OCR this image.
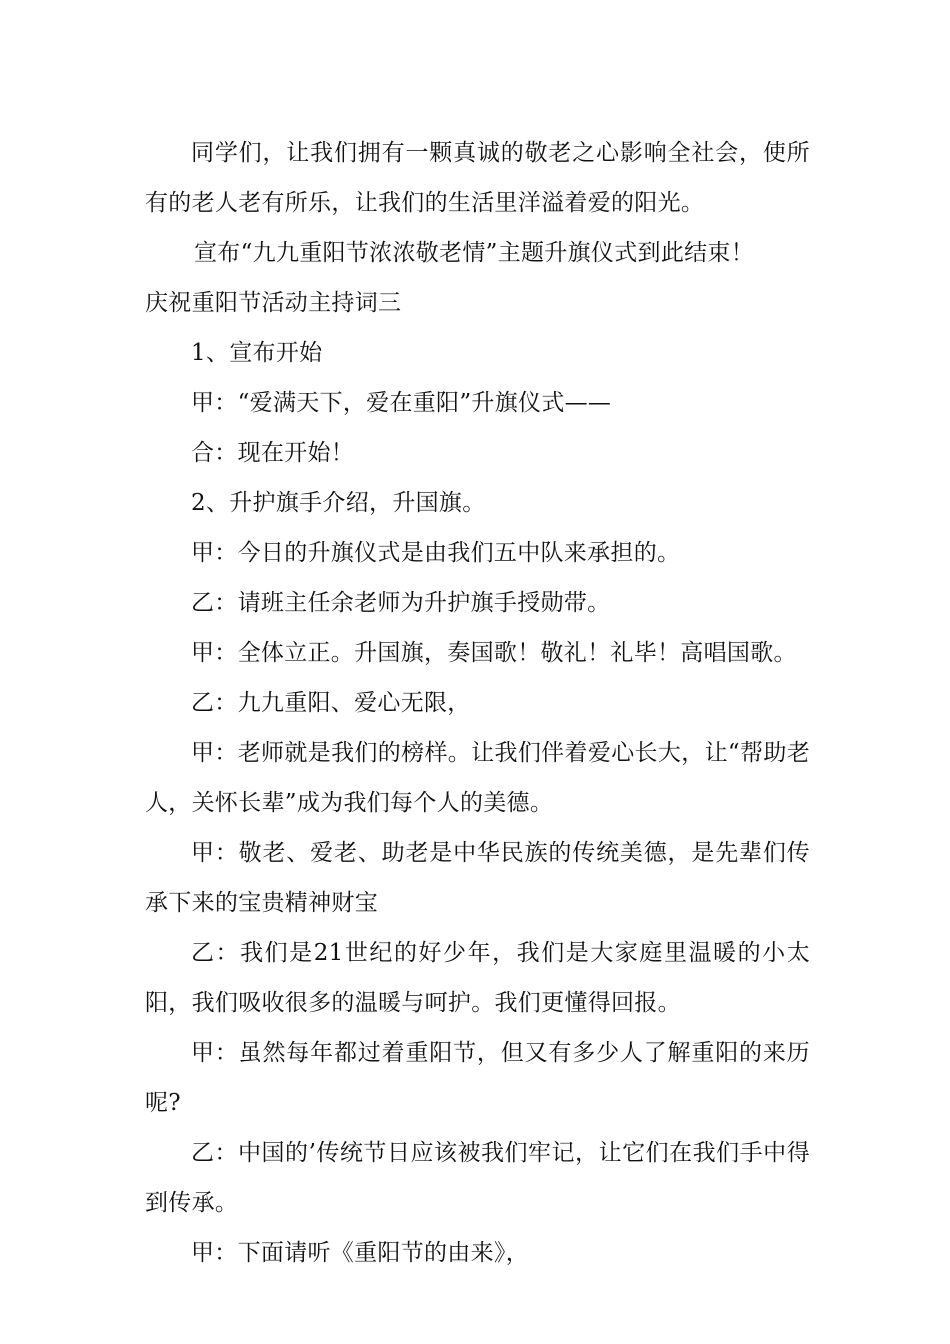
同学们，让我们拥有一颗真诚的敬老之心影响全社会，使所有的老人老有所乐，让我们的生活里洋溢着爱的阳光。

宣布“九九重阳节浓浓敬老情”主题升旗仪式到此结束！

庆祝重阳节活动主持词三

1、宣布开始

甲：“爱满天下，爱在重阳”升旗仪式——

合：现在开始！

2、升护旗手介绍，升国旗。

甲：今日的升旗仪式是由我们五中队来承担的。

乙：请班主任余老师为升护旗手授勋带。

甲：全体立正。升国旗，奏国歌！敬礼！礼毕！高唱国歌。

乙：九九重阳、爱心无限，

甲：老师就是我们的榜样。让我们伴着爱心长大，让“帮助老人，关怀长辈”成为我们每个人的美德。

甲：敬老、爱老、助老是中华民族的传统美德，是先辈们传承下来的宝贵精神财宝

乙：我们是21世纪的好少年，我们是大家庭里温暖的小太阳，我们吸收很多的温暖与呵护。我们更懂得回报。

甲：虽然每年都过着重阳节，但又有多少人了解重阳的来历呢?

乙：中国的’传统节日应该被我们牢记，让它们在我们手中得到传承。

甲：下面请听《重阳节的由来》，
